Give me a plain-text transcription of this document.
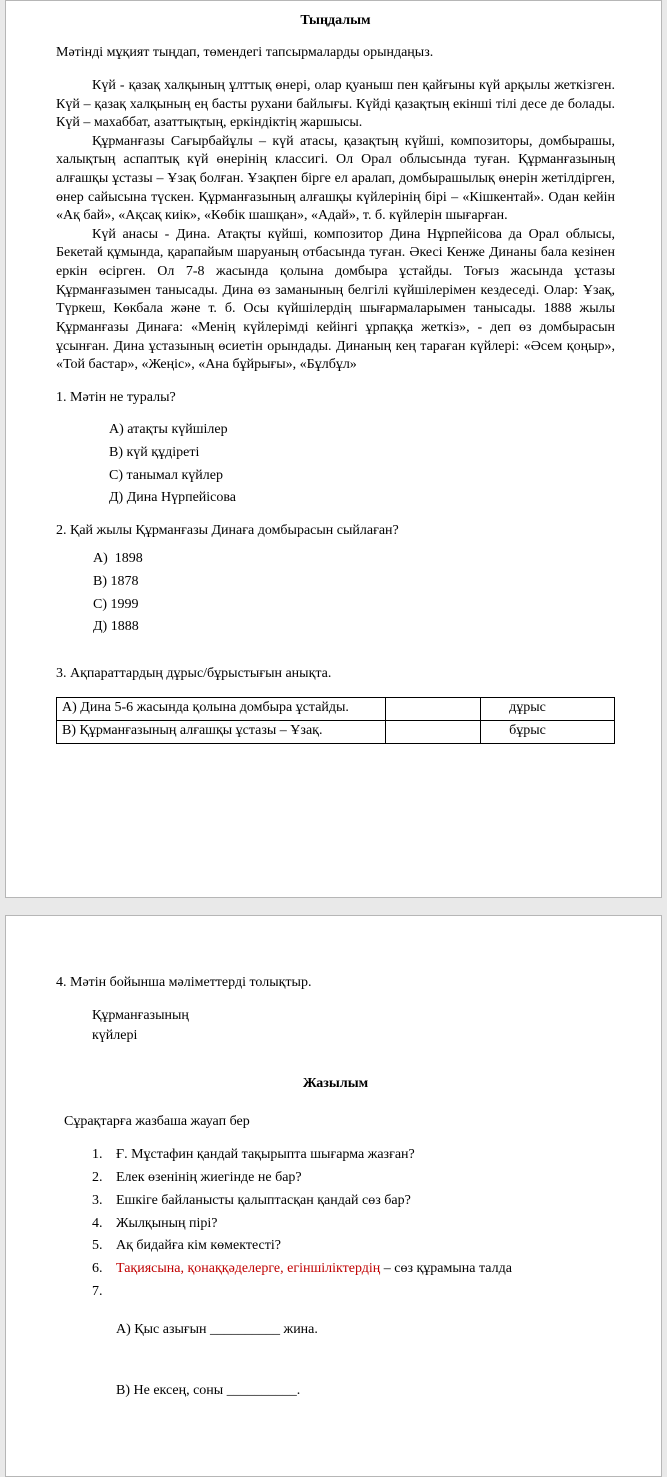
Тыңдалым

Мәтінді мұқият тыңдап, төмендегі тапсырмаларды орындаңыз.

Күй - қазақ халқының ұлттық өнері, олар қуаныш пен қайғыны күй арқылы жеткізген. Күй – қазақ халқының ең басты рухани байлығы. Күйді қазақтың екінші тілі десе де болады. Күй – махаббат, азаттықтың, еркіндіктің жаршысы.

Құрманғазы Сағырбайұлы – күй атасы, қазақтың күйші, композиторы, домбырашы, халықтың аспаптық күй өнерінің классигі. Ол Орал облысында туған. Құрманғазының алғашқы ұстазы – Ұзақ болған. Ұзақпен бірге ел аралап, домбырашылық өнерін жетілдірген, өнер сайысына түскен. Құрманғазының алғашқы күйлерінің бірі – «Кішкентай». Одан кейін «Ақ бай», «Ақсақ киік», «Көбік шашқан», «Адай», т. б. күйлерін шығарған.

Күй анасы - Дина. Атақты күйші, композитор Дина Нұрпейісова да Орал облысы, Бекетай құмында, қарапайым шаруаның отбасында туған. Әкесі Кенже Динаны бала кезінен еркін өсірген. Ол 7-8 жасында қолына домбыра ұстайды. Тоғыз жасында ұстазы Құрманғазымен танысады. Дина өз заманының белгілі күйшілерімен кездеседі. Олар: Ұзақ, Түркеш, Көкбала және т. б. Осы күйшілердің шығармаларымен танысады. 1888 жылы Құрманғазы Динаға: «Менің күйлерімді кейінгі ұрпаққа жеткіз», - деп өз домбырасын ұсынған. Дина ұстазының өсиетін орындады. Динаның кең тараған күйлері: «Әсем қоңыр», «Той бастар», «Жеңіс», «Ана бұйрығы», «Бұлбұл»

1. Мәтін не туралы?

А) атақты күйшілер

В) күй құдіреті

С) танымал күйлер

Д) Дина Нүрпейісова

2. Қай жылы Құрманғазы Динаға домбырасын сыйлаған?

А)  1898

В) 1878

С) 1999

Д) 1888

3. Ақпараттардың дұрыс/бұрыстығын анықта.

А) Дина 5-6 жасында қолына домбыра ұстайды.		дұрыс
В) Құрманғазының алғашқы ұстазы – Ұзақ.		бұрыс

4. Мәтін бойынша мәліметтерді толықтыр.

Құрманғазының

күйлері

Жазылым

Сұрақтарға жазбаша жауап бер

1. Ғ. Мұстафин қандай тақырыпта шығарма жазған?
2. Елек өзенінің жиегінде не бар?
3. Ешкіге байланысты қалыптасқан қандай сөз бар?
4. Жылқының пірі?
5. Ақ бидайға кім көмектесті?
6. Тақиясына, қонаққәделерге, егіншіліктердің – сөз құрамына талда
7.

А) Қыс азығын __________ жина.

В) Не ексең, соны __________.
